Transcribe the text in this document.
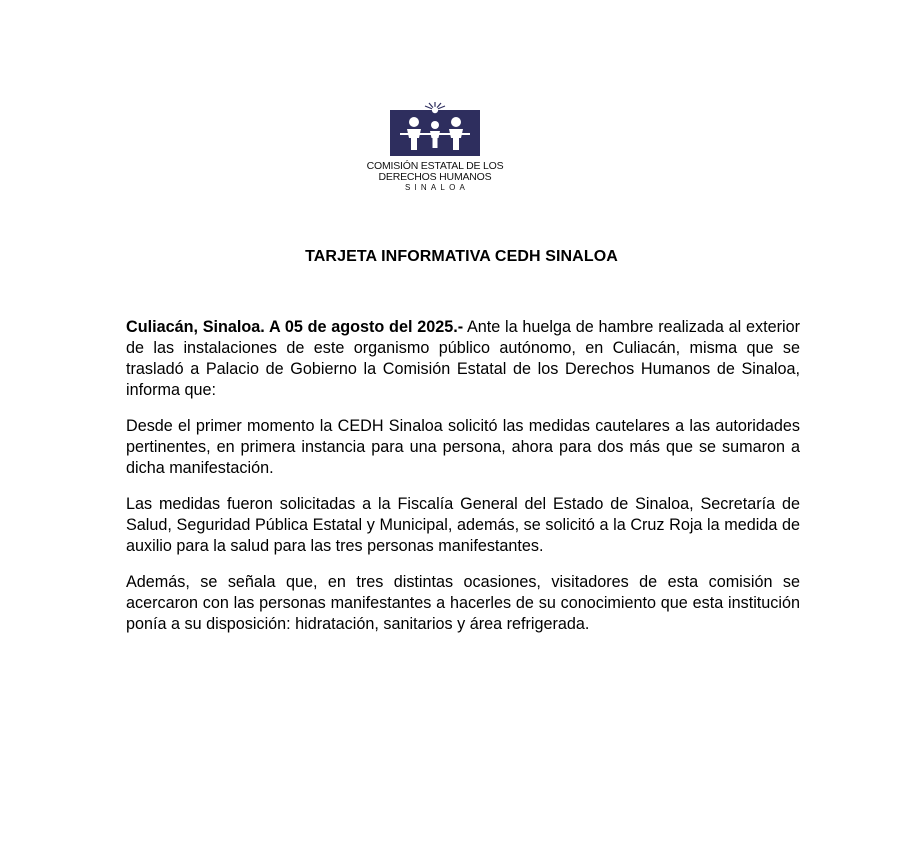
COMISIÓN ESTATAL DE LOS
DERECHOS HUMANOS
SINALOA
TARJETA INFORMATIVA CEDH SINALOA

Culiacán, Sinaloa. A 05 de agosto del 2025.- Ante la huelga de hambre realizada al exterior de las instalaciones de este organismo público autónomo, en Culiacán, misma que se trasladó a Palacio de Gobierno la Comisión Estatal de los Derechos Humanos de Sinaloa, informa que:

Desde el primer momento la CEDH Sinaloa solicitó las medidas cautelares a las autoridades pertinentes, en primera instancia para una persona, ahora para dos más que se sumaron a dicha manifestación.

Las medidas fueron solicitadas a la Fiscalía General del Estado de Sinaloa, Secretaría de Salud, Seguridad Pública Estatal y Municipal, además, se solicitó a la Cruz Roja la medida de auxilio para la salud para las tres personas manifestantes.

Además, se señala que, en tres distintas ocasiones, visitadores de esta comisión se acercaron con las personas manifestantes a hacerles de su conocimiento que esta institución ponía a su disposición: hidratación, sanitarios y área refrigerada.
